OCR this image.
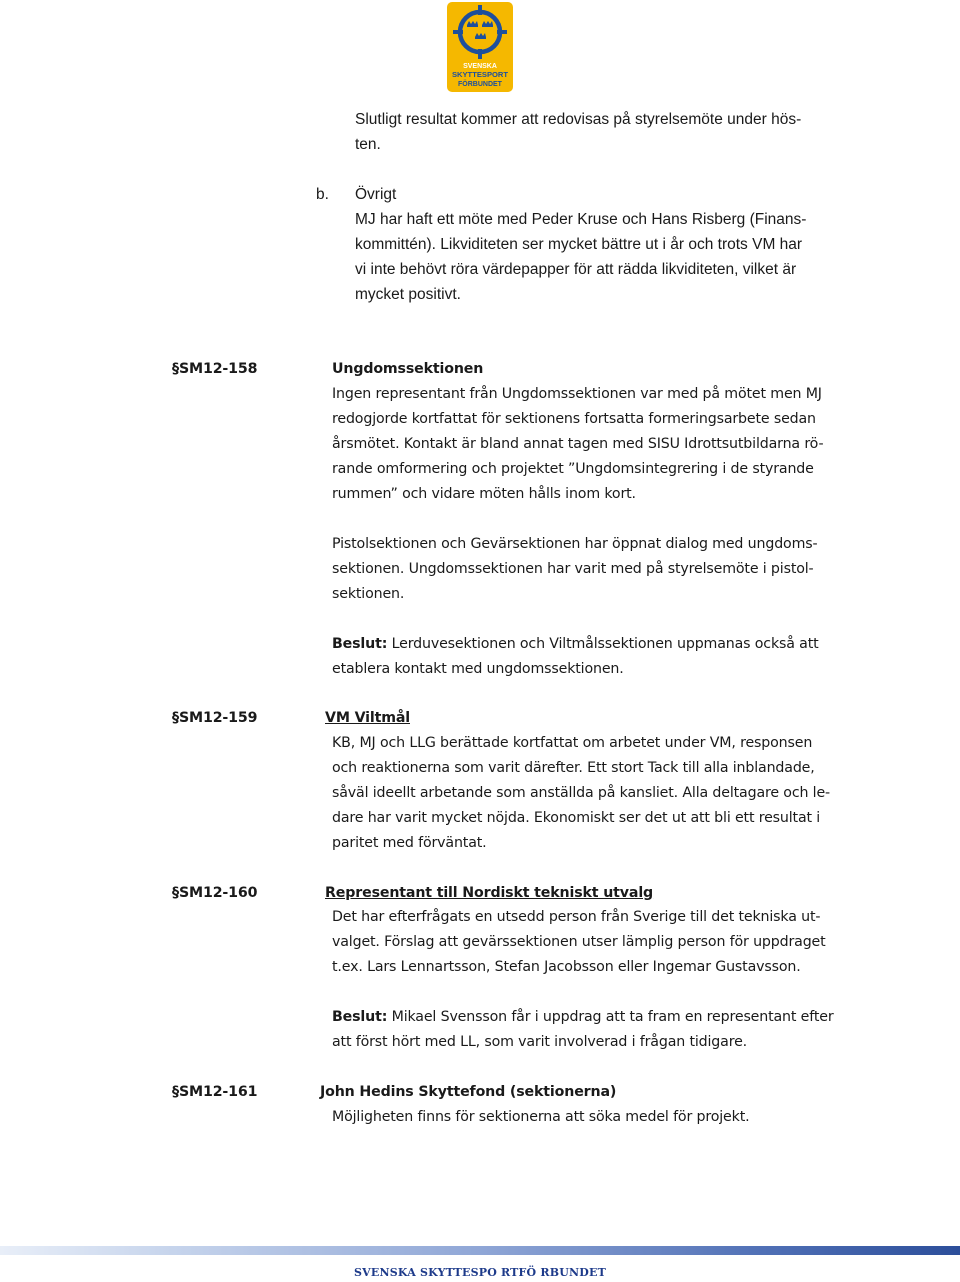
SVENSKA
SKYTTESPORT
FÖRBUNDET
Slutligt resultat kommer att redovisas på styrelsemöte under hös-
ten.
b. Övrigt
MJ har haft ett möte med Peder Kruse och Hans Risberg (Finans-
kommittén). Likviditeten ser mycket bättre ut i år och trots VM har
vi inte behövt röra värdepapper för att rädda likviditeten, vilket är
mycket positivt.
§SM12-158	Ungdomssektionen
Ingen representant från Ungdomssektionen var med på mötet men MJ
redogjorde kortfattat för sektionens fortsatta formeringsarbete sedan
årsmötet. Kontakt är bland annat tagen med SISU Idrottsutbildarna rö-
rande omformering och projektet ”Ungdomsintegrering i de styrande
rummen” och vidare möten hålls inom kort.
Pistolsektionen och Gevärsektionen har öppnat dialog med ungdoms-
sektionen. Ungdomssektionen har varit med på styrelsemöte i pistol-
sektionen.
Beslut: Lerduvesektionen och Viltmålssektionen uppmanas också att
etablera kontakt med ungdomssektionen.
§SM12-159	VM Viltmål
KB, MJ och LLG berättade kortfattat om arbetet under VM, responsen
och reaktionerna som varit därefter. Ett stort Tack till alla inblandade,
såväl ideellt arbetande som anställda på kansliet. Alla deltagare och le-
dare har varit mycket nöjda. Ekonomiskt ser det ut att bli ett resultat i
paritet med förväntat.
§SM12-160	Representant till Nordiskt tekniskt utvalg
Det har efterfrågats en utsedd person från Sverige till det tekniska ut-
valget. Förslag att gevärssektionen utser lämplig person för uppdraget
t.ex. Lars Lennartsson, Stefan Jacobsson eller Ingemar Gustavsson.
Beslut: Mikael Svensson får i uppdrag att ta fram en representant efter
att först hört med LL, som varit involverad i frågan tidigare.
§SM12-161	John Hedins Skyttefond (sektionerna)
Möjligheten finns för sektionerna att söka medel för projekt.
SVENSKA SKYTTESPO RTFÖ RBUNDET
